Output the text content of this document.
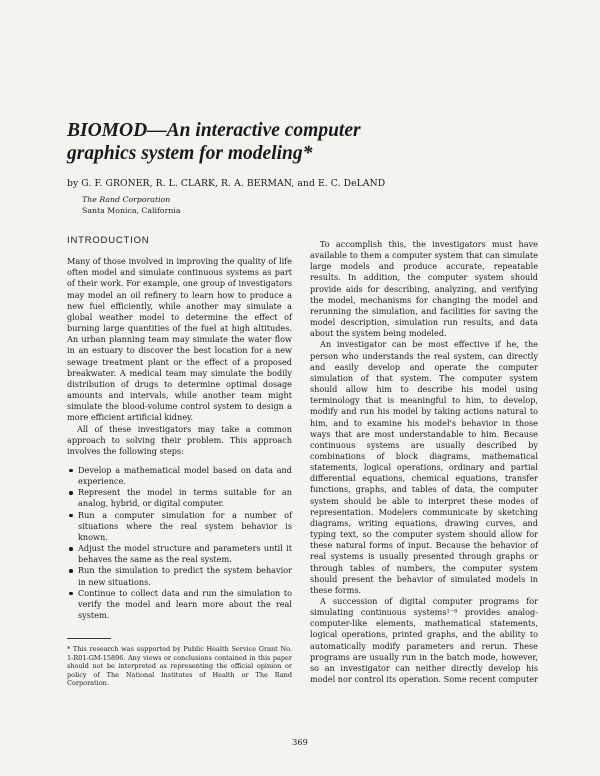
BIOMOD—An interactive computer graphics system for modeling*

by G. F. GRONER, R. L. CLARK, R. A. BERMAN, and E. C. DeLAND

The Rand Corporation
Santa Monica, California
INTRODUCTION

Many of those involved in improving the quality of life often model and simulate continuous systems as part of their work. For example, one group of investigators may model an oil refinery to learn how to produce a new fuel efficiently, while another may simulate a global weather model to determine the effect of burning large quantities of the fuel at high altitudes. An urban planning team may simulate the water flow in an estuary to discover the best location for a new sewage treatment plant or the effect of a proposed breakwater. A medical team may simulate the bodily distribution of drugs to determine optimal dosage amounts and intervals, while another team might simulate the blood-volume control system to design a more efficient artificial kidney.

All of these investigators may take a common approach to solving their problem. This approach involves the following steps:

Develop a mathematical model based on data and experience.
Represent the model in terms suitable for an analog, hybrid, or digital computer.
Run a computer simulation for a number of situations where the real system behavior is known.
Adjust the model structure and parameters until it behaves the same as the real system.
Run the simulation to predict the system behavior in new situations.
Continue to collect data and run the simulation to verify the model and learn more about the real system.

* This research was supported by Public Health Service Grant No. 1-R01-GM-15896. Any views or conclusions contained in this paper should not be interpreted as representing the official opinion or policy of The National Institutes of Health or The Rand Corporation.

To accomplish this, the investigators must have available to them a computer system that can simulate large models and produce accurate, repeatable results. In addition, the computer system should provide aids for describing, analyzing, and verifying the model, mechanisms for changing the model and rerunning the simulation, and facilities for saving the model description, simulation run results, and data about the system being modeled.

An investigator can be most effective if he, the person who understands the real system, can directly and easily develop and operate the computer simulation of that system. The computer system should allow him to describe his model using terminology that is meaningful to him, to develop, modify and run his model by taking actions natural to him, and to examine his model's behavior in those ways that are most understandable to him. Because continuous systems are usually described by combinations of block diagrams, mathematical statements, logical operations, ordinary and partial differential equations, chemical equations, transfer functions, graphs, and tables of data, the computer system should be able to interpret these modes of representation. Modelers communicate by sketching diagrams, writing equations, drawing curves, and typing text, so the computer system should allow for these natural forms of input. Because the behavior of real systems is usually presented through graphs or through tables of numbers, the computer system should present the behavior of simulated models in these forms.

A succession of digital computer programs for simulating continuous systems¹⁻⁸ provides analog-computer-like elements, mathematical statements, logical operations, printed graphs, and the ability to automatically modify parameters and rerun. These programs are usually run in the batch mode, however, so an investigator can neither directly develop his model nor control its operation. Some recent computer

369
